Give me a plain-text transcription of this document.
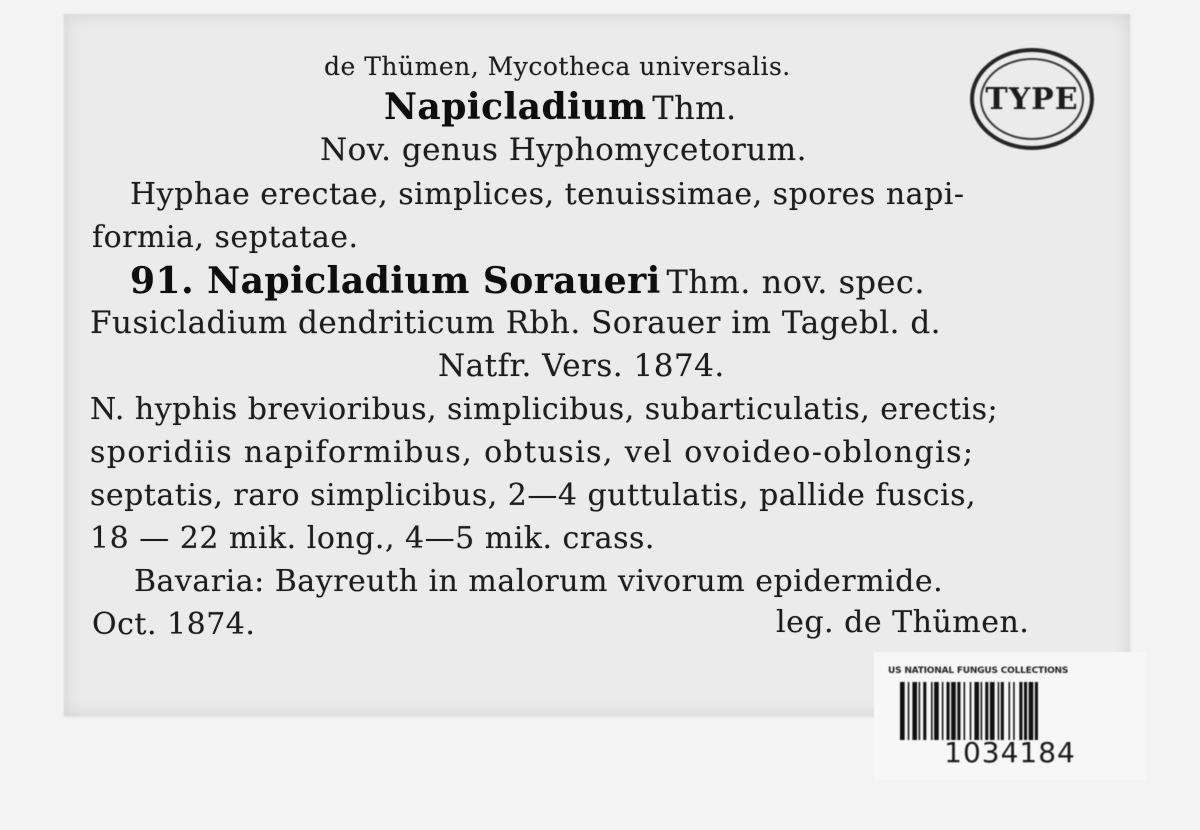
de Thümen, Mycotheca universalis.
Napicladium Thm.
Nov. genus Hyphomycetorum.
Hyphae erectae, simplices, tenuissimae, spores napi-
formia, septatae.
91. Napicladium Soraueri Thm. nov. spec.
Fusicladium dendriticum Rbh. Sorauer im Tagebl. d.
Natfr. Vers. 1874.
N. hyphis brevioribus, simplicibus, subarticulatis, erectis;
sporidiis napiformibus, obtusis, vel ovoideo-oblongis;
septatis, raro simplicibus, 2—4 guttulatis, pallide fuscis,
18 — 22 mik. long., 4—5 mik. crass.
Bavaria: Bayreuth in malorum vivorum epidermide.
Oct. 1874.	leg. de Thümen.
TYPE
US NATIONAL FUNGUS COLLECTIONS
1034184
